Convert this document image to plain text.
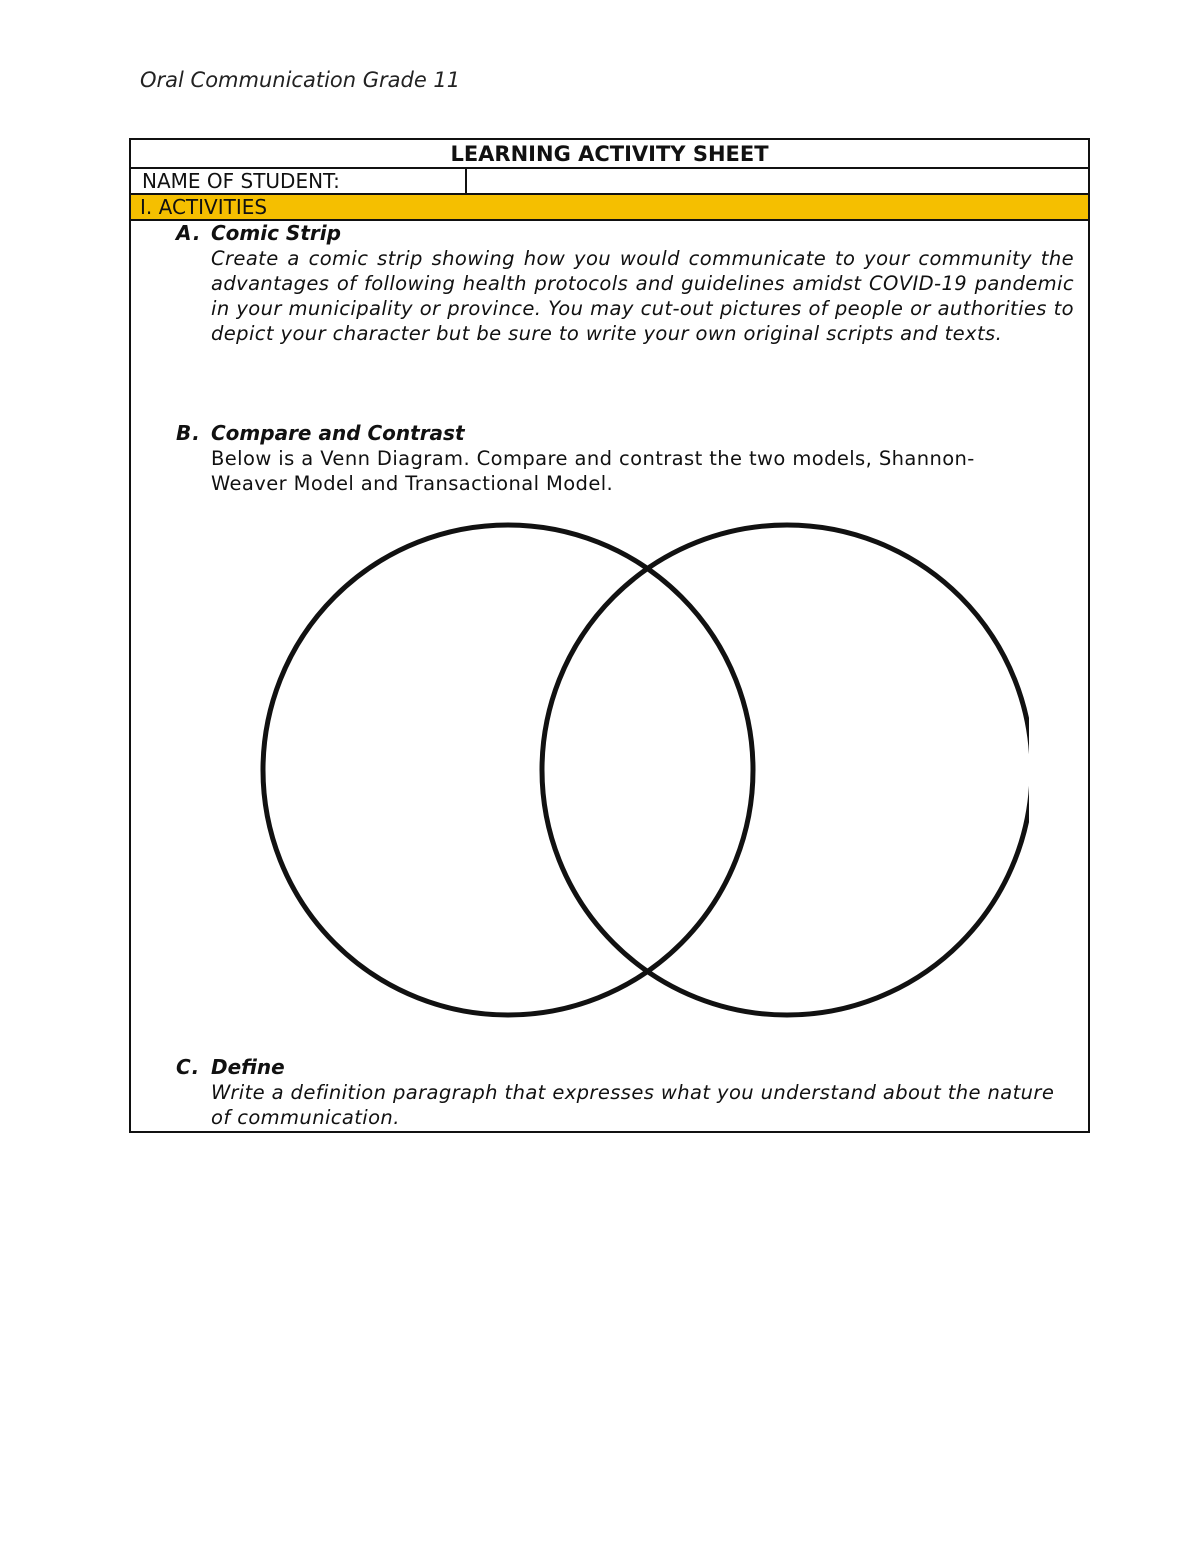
Oral Communication Grade 11
LEARNING ACTIVITY SHEET
NAME OF STUDENT:
I. ACTIVITIES
A. Comic Strip
Create a comic strip showing how you would communicate to your community the advantages of following health protocols and guidelines amidst COVID-19 pandemic in your municipality or province. You may cut-out pictures of people or authorities to depict your character but be sure to write your own original scripts and texts.
B. Compare and Contrast
Below is a Venn Diagram. Compare and contrast the two models, Shannon-
Weaver Model and Transactional Model.
C. Define
Write a definition paragraph that expresses what you understand about the nature of communication.
